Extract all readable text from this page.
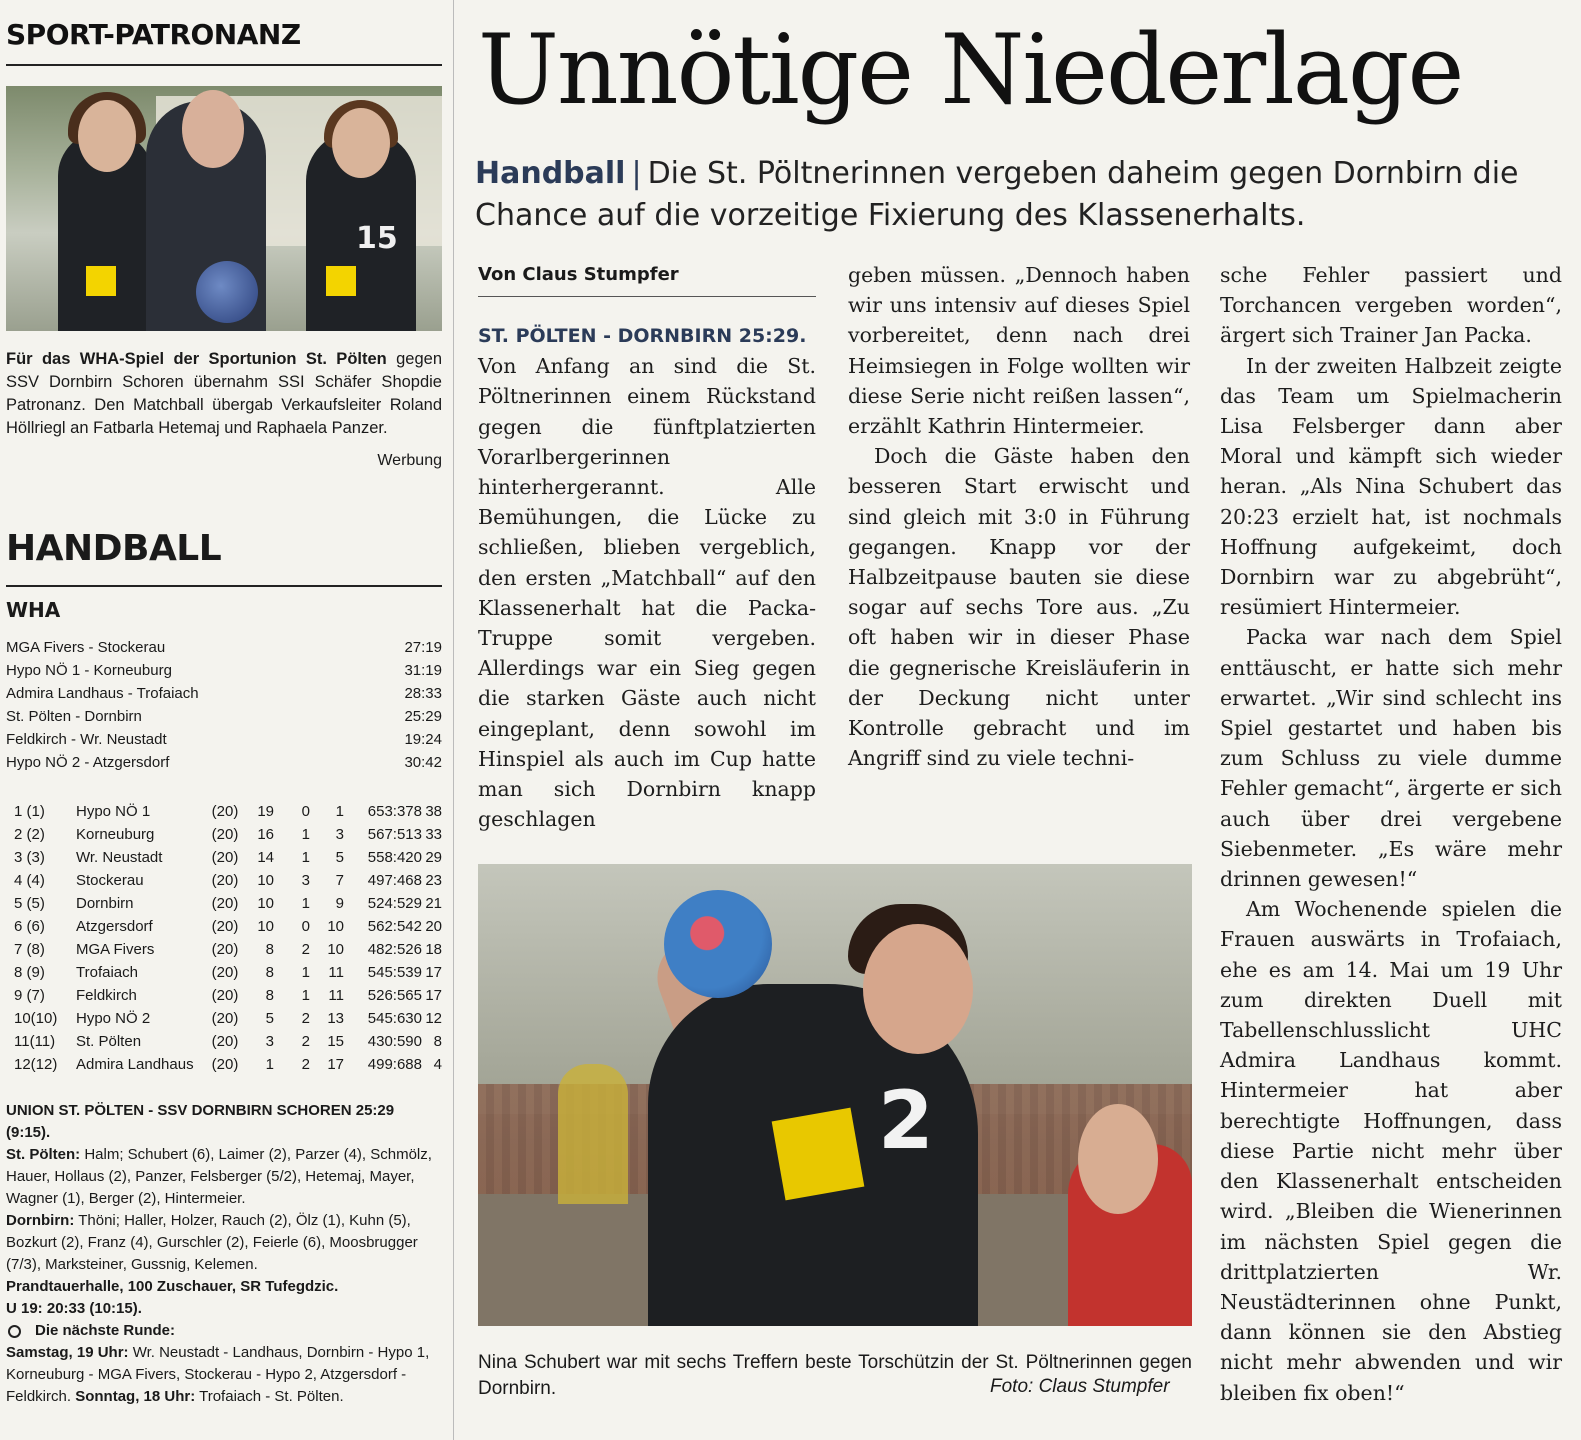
SPORT-PATRONANZ
15
Für das WHA-Spiel der Sportunion St. Pölten gegen SSV Dornbirn Schoren übernahm SSI Schäfer Shopdie Patronanz. Den Matchball übergab Verkaufsleiter Roland Höllriegl an Fatbarla Hetemaj und Raphaela Panzer.
Werbung
HANDBALL
WHA
MGA Fivers - Stockerau	27:19
Hypo NÖ 1 - Korneuburg	31:19
Admira Landhaus - Trofaiach	28:33
St. Pölten - Dornbirn	25:29
Feldkirch - Wr. Neustadt	19:24
Hypo NÖ 2 - Atzgersdorf	30:42
1 (1)	Hypo NÖ 1	(20)	19	0	1	653:378 38
2 (2)	Korneuburg	(20)	16	1	3	567:513 33
3 (3)	Wr. Neustadt	(20)	14	1	5	558:420 29
4 (4)	Stockerau	(20)	10	3	7	497:468 23
5 (5)	Dornbirn	(20)	10	1	9	524:529 21
6 (6)	Atzgersdorf	(20)	10	0	10	562:542 20
7 (8)	MGA Fivers	(20)	8	2	10	482:526 18
8 (9)	Trofaiach	(20)	8	1	11	545:539 17
9 (7)	Feldkirch	(20)	8	1	11	526:565 17
10(10)	Hypo NÖ 2	(20)	5	2	13	545:630 12
11(11)	St. Pölten	(20)	3	2	15	430:590 8
12(12)	Admira Landhaus	(20)	1	2	17	499:688 4
UNION ST. PÖLTEN - SSV DORNBIRN SCHOREN 25:29 (9:15).
St. Pölten: Halm; Schubert (6), Laimer (2), Parzer (4), Schmölz, Hauer, Hollaus (2), Panzer, Felsberger (5/2), Hetemaj, Mayer, Wagner (1), Berger (2), Hintermeier.
Dornbirn: Thöni; Haller, Holzer, Rauch (2), Ölz (1), Kuhn (5), Bozkurt (2), Franz (4), Gurschler (2), Feierle (6), Moosbrugger (7/3), Marksteiner, Gussnig, Kelemen.
Prandtauerhalle, 100 Zuschauer, SR Tufegdzic.
U 19: 20:33 (10:15).
Die nächste Runde:
Samstag, 19 Uhr: Wr. Neustadt - Landhaus, Dornbirn - Hypo 1, Korneuburg - MGA Fivers, Stockerau - Hypo 2, Atzgersdorf - Feldkirch. Sonntag, 18 Uhr: Trofaiach - St. Pölten.
Unnötige Niederlage
Handball | Die St. Pöltnerinnen vergeben daheim gegen Dornbirn die Chance auf die vorzeitige Fixierung des Klassenerhalts.
Von Claus Stumpfer

ST. PÖLTEN - DORNBIRN 25:29.

Von Anfang an sind die St. Pöltnerinnen einem Rückstand gegen die fünftplatzierten Vorarlbergerinnen hinterhergerannt. Alle Bemühungen, die Lücke zu schließen, blieben vergeblich, den ersten „Matchball“ auf den Klassenerhalt hat die Packa-Truppe somit vergeben. Allerdings war ein Sieg gegen die starken Gäste auch nicht eingeplant, denn sowohl im Hinspiel als auch im Cup hatte man sich Dornbirn knapp geschlagen

geben müssen. „Dennoch haben wir uns intensiv auf dieses Spiel vorbereitet, denn nach drei Heimsiegen in Folge wollten wir diese Serie nicht reißen lassen“, erzählt Kathrin Hintermeier.

Doch die Gäste haben den besseren Start erwischt und sind gleich mit 3:0 in Führung gegangen. Knapp vor der Halbzeitpause bauten sie diese sogar auf sechs Tore aus. „Zu oft haben wir in dieser Phase die gegnerische Kreisläuferin in der Deckung nicht unter Kontrolle gebracht und im Angriff sind zu viele techni-

sche Fehler passiert und Torchancen vergeben worden“, ärgert sich Trainer Jan Packa.

In der zweiten Halbzeit zeigte das Team um Spielmacherin Lisa Felsberger dann aber Moral und kämpft sich wieder heran. „Als Nina Schubert das 20:23 erzielt hat, ist nochmals Hoffnung aufgekeimt, doch Dornbirn war zu abgebrüht“, resümiert Hintermeier.

Packa war nach dem Spiel enttäuscht, er hatte sich mehr erwartet. „Wir sind schlecht ins Spiel gestartet und haben bis zum Schluss zu viele dumme Fehler gemacht“, ärgerte er sich auch über drei vergebene Siebenmeter. „Es wäre mehr drinnen gewesen!“

Am Wochenende spielen die Frauen auswärts in Trofaiach, ehe es am 14. Mai um 19 Uhr zum direkten Duell mit Tabellenschlusslicht UHC Admira Landhaus kommt. Hintermeier hat aber berechtigte Hoffnungen, dass diese Partie nicht mehr über den Klassenerhalt entscheiden wird. „Bleiben die Wienerinnen im nächsten Spiel gegen die drittplatzierten Wr. Neustädterinnen ohne Punkt, dann können sie den Abstieg nicht mehr abwenden und wir bleiben fix oben!“

2
Nina Schubert war mit sechs Treffern beste Torschützin der St. Pöltnerinnen gegen Dornbirn.	Foto: Claus Stumpfer
